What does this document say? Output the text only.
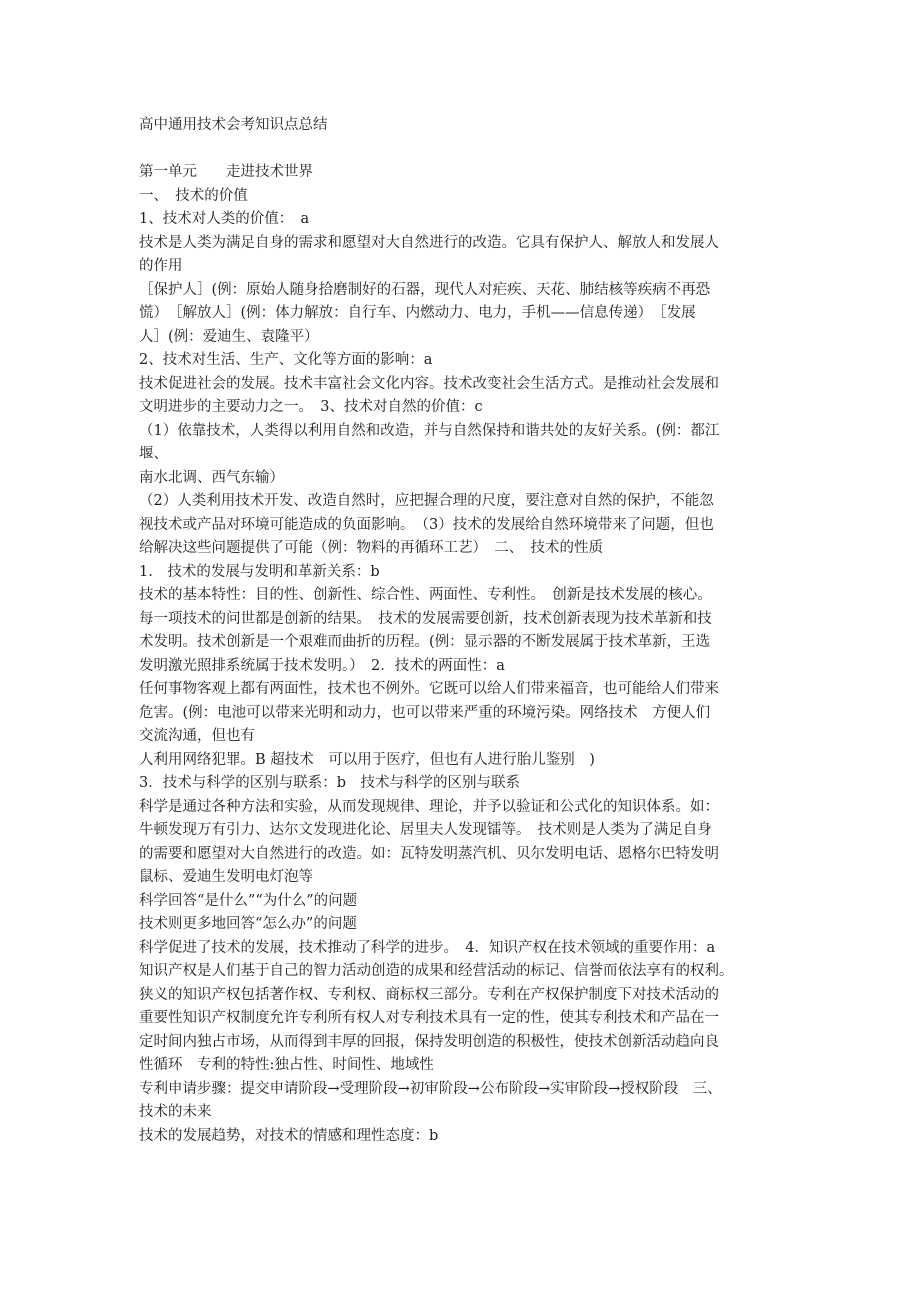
高中通用技术会考知识点总结
第一单元　　走进技术世界
一、　技术的价值
1、技术对人类的价值：　a
技术是人类为满足自身的需求和愿望对大自然进行的改造。它具有保护人、解放人和发展人
的作用
［保护人］(例：原始人随身拾磨制好的石器，现代人对疟疾、天花、肺结核等疾病不再恐
慌）　［解放人］(例：体力解放：自行车、内燃动力、电力，手机——信息传递）　［发展
人］(例：爱迪生、袁隆平）
2、技术对生活、生产、文化等方面的影响：a
技术促进社会的发展。技术丰富社会文化内容。技术改变社会生活方式。是推动社会发展和
文明进步的主要动力之一。　3、技术对自然的价值：c
（1）依靠技术，人类得以利用自然和改造，并与自然保持和谐共处的友好关系。(例：都江
堰、
南水北调、西气东输）
（2）人类利用技术开发、改造自然时，应把握合理的尺度，要注意对自然的保护，不能忽
视技术或产品对环境可能造成的负面影响。　（3）技术的发展给自然环境带来了问题，但也
给解决这些问题提供了可能（例：物料的再循环工艺）　二、　技术的性质
1.　技术的发展与发明和革新关系：b
技术的基本特性：目的性、创新性、综合性、两面性、专利性。　创新是技术发展的核心。
每一项技术的问世都是创新的结果。　技术的发展需要创新，技术创新表现为技术革新和技
术发明。技术创新是一个艰难而曲折的历程。(例：显示器的不断发展属于技术革新，王选
发明激光照排系统属于技术发明。）　2．技术的两面性：a
任何事物客观上都有两面性，技术也不例外。它既可以给人们带来福音，也可能给人们带来
危害。(例：电池可以带来光明和动力，也可以带来严重的环境污染。网络技术　方便人们
交流沟通，但也有
人利用网络犯罪。B 超技术　可以用于医疗，但也有人进行胎儿鉴别　)
3．技术与科学的区别与联系：b　技术与科学的区别与联系
科学是通过各种方法和实验，从而发现规律、理论，并予以验证和公式化的知识体系。如：
牛顿发现万有引力、达尔文发现进化论、居里夫人发现镭等。　技术则是人类为了满足自身
的需要和愿望对大自然进行的改造。如：瓦特发明蒸汽机、贝尔发明电话、恩格尔巴特发明
鼠标、爱迪生发明电灯泡等
科学回答“是什么”“为什么”的问题
技术则更多地回答“怎么办”的问题
科学促进了技术的发展，技术推动了科学的进步。　4．知识产权在技术领域的重要作用：a
知识产权是人们基于自己的智力活动创造的成果和经营活动的标记、信誉而依法享有的权利。
狭义的知识产权包括著作权、专利权、商标权三部分。专利在产权保护制度下对技术活动的
重要性知识产权制度允许专利所有权人对专利技术具有一定的性，使其专利技术和产品在一
定时间内独占市场，从而得到丰厚的回报，保持发明创造的积极性，使技术创新活动趋向良
性循环　专利的特性:独占性、时间性、地域性
专利申请步骤：提交申请阶段→受理阶段→初审阶段→公布阶段→实审阶段→授权阶段　三、
技术的未来
技术的发展趋势，对技术的情感和理性态度：b
